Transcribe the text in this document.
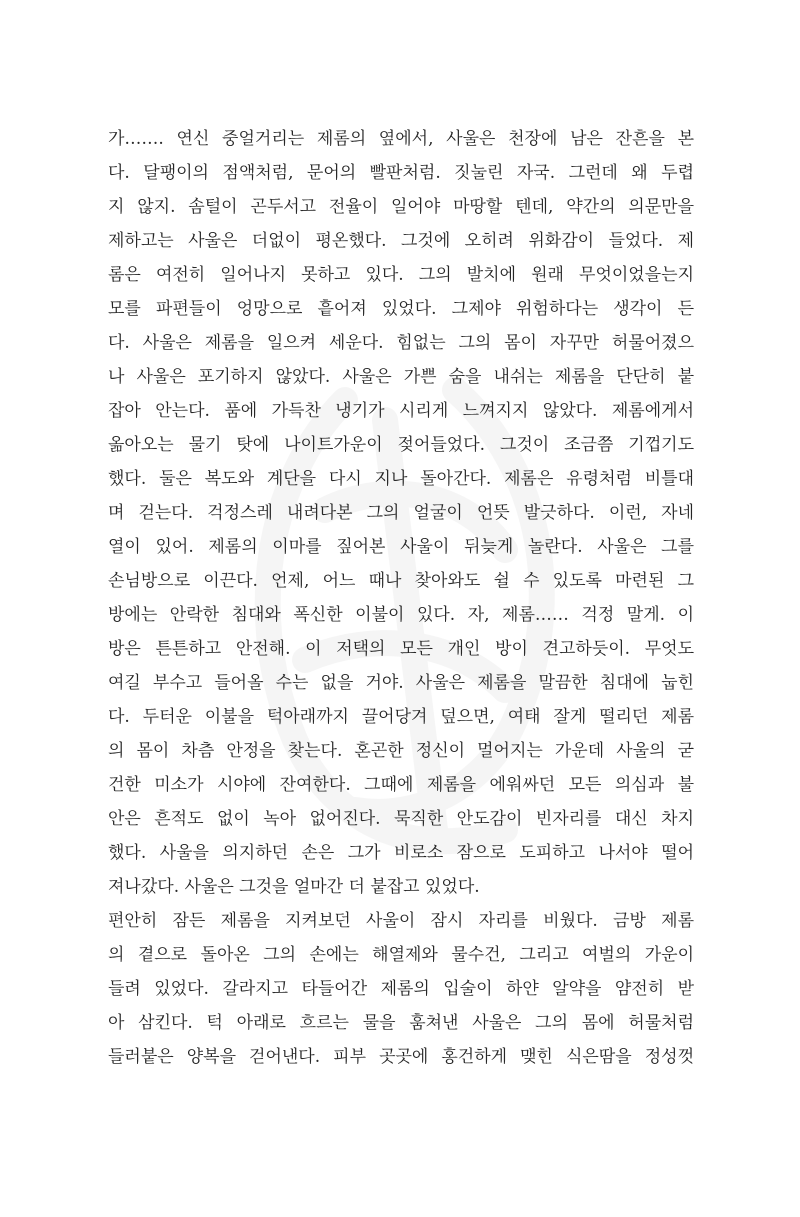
가……. 연신 중얼거리는 제롬의 옆에서, 사울은 천장에 남은 잔흔을 본
다. 달팽이의 점액처럼, 문어의 빨판처럼. 짓눌린 자국. 그런데 왜 두렵
지 않지. 솜털이 곤두서고 전율이 일어야 마땅할 텐데, 약간의 의문만을
제하고는 사울은 더없이 평온했다. 그것에 오히려 위화감이 들었다. 제
롬은 여전히 일어나지 못하고 있다. 그의 발치에 원래 무엇이었을는지
모를 파편들이 엉망으로 흩어져 있었다. 그제야 위험하다는 생각이 든
다. 사울은 제롬을 일으켜 세운다. 힘없는 그의 몸이 자꾸만 허물어졌으
나 사울은 포기하지 않았다. 사울은 가쁜 숨을 내쉬는 제롬을 단단히 붙
잡아 안는다. 품에 가득찬 냉기가 시리게 느껴지지 않았다. 제롬에게서
옮아오는 물기 탓에 나이트가운이 젖어들었다. 그것이 조금쯤 기껍기도
했다. 둘은 복도와 계단을 다시 지나 돌아간다. 제롬은 유령처럼 비틀대
며 걷는다. 걱정스레 내려다본 그의 얼굴이 언뜻 발긋하다. 이런, 자네
열이 있어. 제롬의 이마를 짚어본 사울이 뒤늦게 놀란다. 사울은 그를
손님방으로 이끈다. 언제, 어느 때나 찾아와도 쉴 수 있도록 마련된 그
방에는 안락한 침대와 폭신한 이불이 있다. 자, 제롬…… 걱정 말게. 이
방은 튼튼하고 안전해. 이 저택의 모든 개인 방이 견고하듯이. 무엇도
여길 부수고 들어올 수는 없을 거야. 사울은 제롬을 말끔한 침대에 눕힌
다. 두터운 이불을 턱아래까지 끌어당겨 덮으면, 여태 잘게 떨리던 제롬
의 몸이 차츰 안정을 찾는다. 혼곤한 정신이 멀어지는 가운데 사울의 굳
건한 미소가 시야에 잔여한다. 그때에 제롬을 에워싸던 모든 의심과 불
안은 흔적도 없이 녹아 없어진다. 묵직한 안도감이 빈자리를 대신 차지
했다. 사울을 의지하던 손은 그가 비로소 잠으로 도피하고 나서야 떨어
져나갔다. 사울은 그것을 얼마간 더 붙잡고 있었다.
편안히 잠든 제롬을 지켜보던 사울이 잠시 자리를 비웠다. 금방 제롬
의 곁으로 돌아온 그의 손에는 해열제와 물수건, 그리고 여벌의 가운이
들려 있었다. 갈라지고 타들어간 제롬의 입술이 하얀 알약을 얌전히 받
아 삼킨다. 턱 아래로 흐르는 물을 훔쳐낸 사울은 그의 몸에 허물처럼
들러붙은 양복을 걷어낸다. 피부 곳곳에 홍건하게 맺힌 식은땀을 정성껏
